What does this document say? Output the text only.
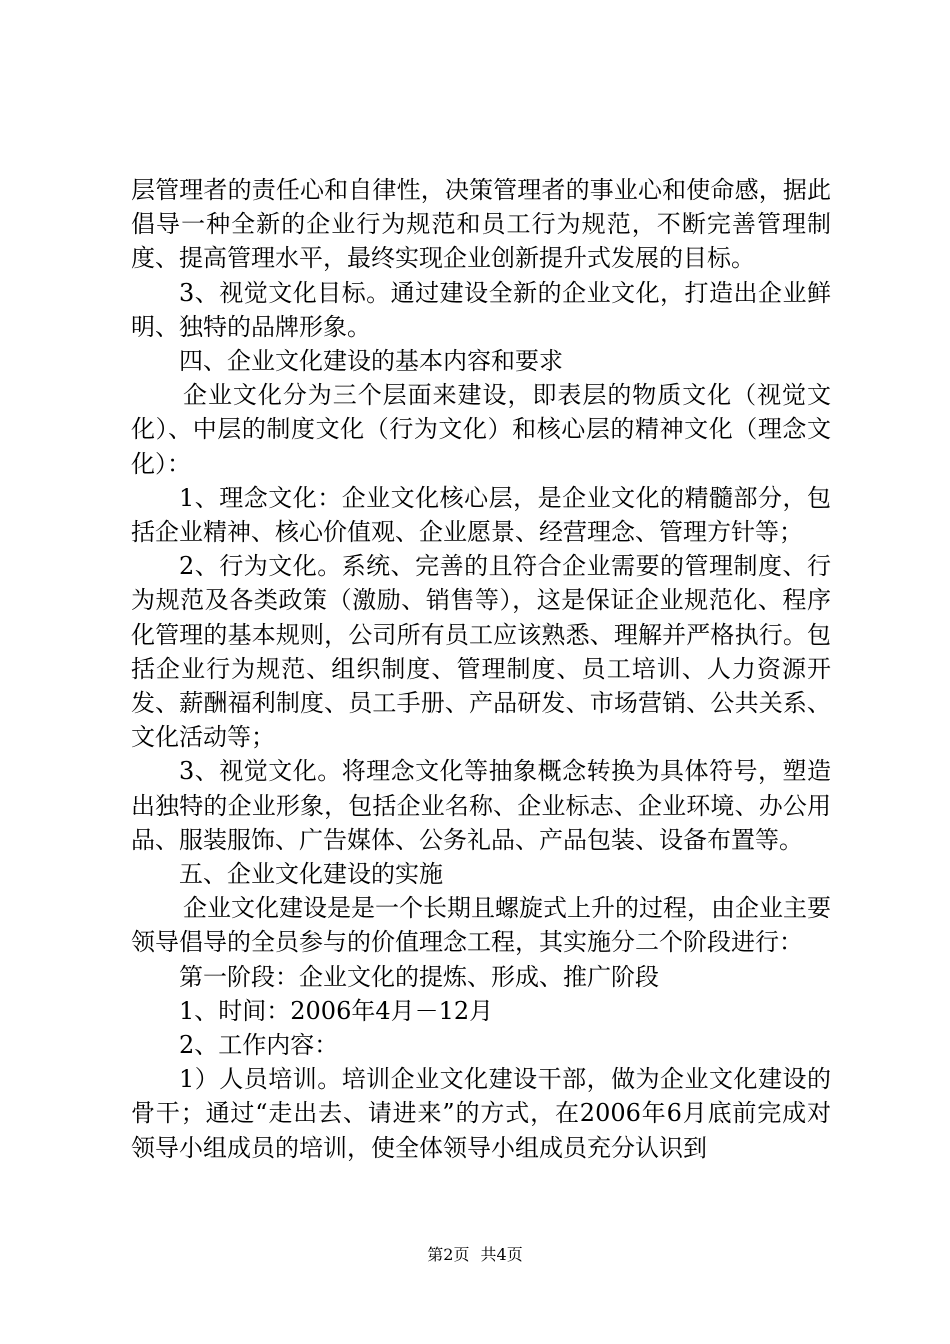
层管理者的责任心和自律性，决策管理者的事业心和使命感，据此倡导一种全新的企业行为规范和员工行为规范，不断完善管理制度、提高管理水平，最终实现企业创新提升式发展的目标。

3、视觉文化目标。通过建设全新的企业文化，打造出企业鲜明、独特的品牌形象。

四、企业文化建设的基本内容和要求

企业文化分为三个层面来建设，即表层的物质文化（视觉文化）、中层的制度文化（行为文化）和核心层的精神文化（理念文化）：

1、理念文化：企业文化核心层，是企业文化的精髓部分，包括企业精神、核心价值观、企业愿景、经营理念、管理方针等；

2、行为文化。系统、完善的且符合企业需要的管理制度、行为规范及各类政策（激励、销售等），这是保证企业规范化、程序化管理的基本规则，公司所有员工应该熟悉、理解并严格执行。包括企业行为规范、组织制度、管理制度、员工培训、人力资源开发、薪酬福利制度、员工手册、产品研发、市场营销、公共关系、文化活动等；

3、视觉文化。将理念文化等抽象概念转换为具体符号，塑造出独特的企业形象，包括企业名称、企业标志、企业环境、办公用品、服装服饰、广告媒体、公务礼品、产品包装、设备布置等。

五、企业文化建设的实施

企业文化建设是是一个长期且螺旋式上升的过程，由企业主要领导倡导的全员参与的价值理念工程，其实施分二个阶段进行：

第一阶段：企业文化的提炼、形成、推广阶段

1、时间：2006年4月－12月

2、工作内容：

1）人员培训。培训企业文化建设干部，做为企业文化建设的骨干；通过“走出去、请进来”的方式，在2006年6月底前完成对领导小组成员的培训，使全体领导小组成员充分认识到

第2页 共4页
